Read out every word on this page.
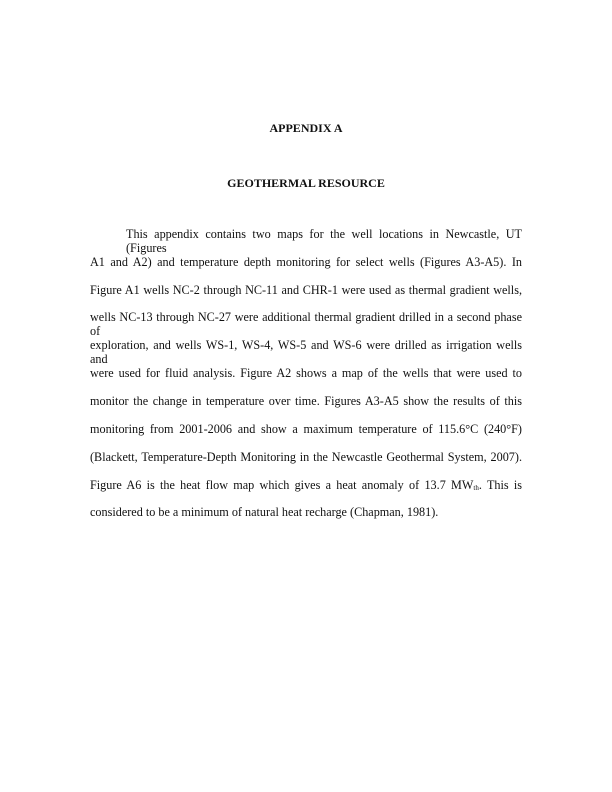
APPENDIX A
GEOTHERMAL RESOURCE
This appendix contains two maps for the well locations in Newcastle, UT (Figures
A1 and A2) and temperature depth monitoring for select wells (Figures A3-A5). In
Figure A1 wells NC-2 through NC-11 and CHR-1 were used as thermal gradient wells,
wells NC-13 through NC-27 were additional thermal gradient drilled in a second phase of
exploration, and wells WS-1, WS-4, WS-5 and WS-6 were drilled as irrigation wells and
were used for fluid analysis. Figure A2 shows a map of the wells that were used to
monitor the change in temperature over time. Figures A3-A5 show the results of this
monitoring from 2001-2006 and show a maximum temperature of 115.6°C (240°F)
(Blackett, Temperature-Depth Monitoring in the Newcastle Geothermal System, 2007).
Figure A6 is the heat flow map which gives a heat anomaly of 13.7 $MW_{th}$. This is
considered to be a minimum of natural heat recharge (Chapman, 1981).
